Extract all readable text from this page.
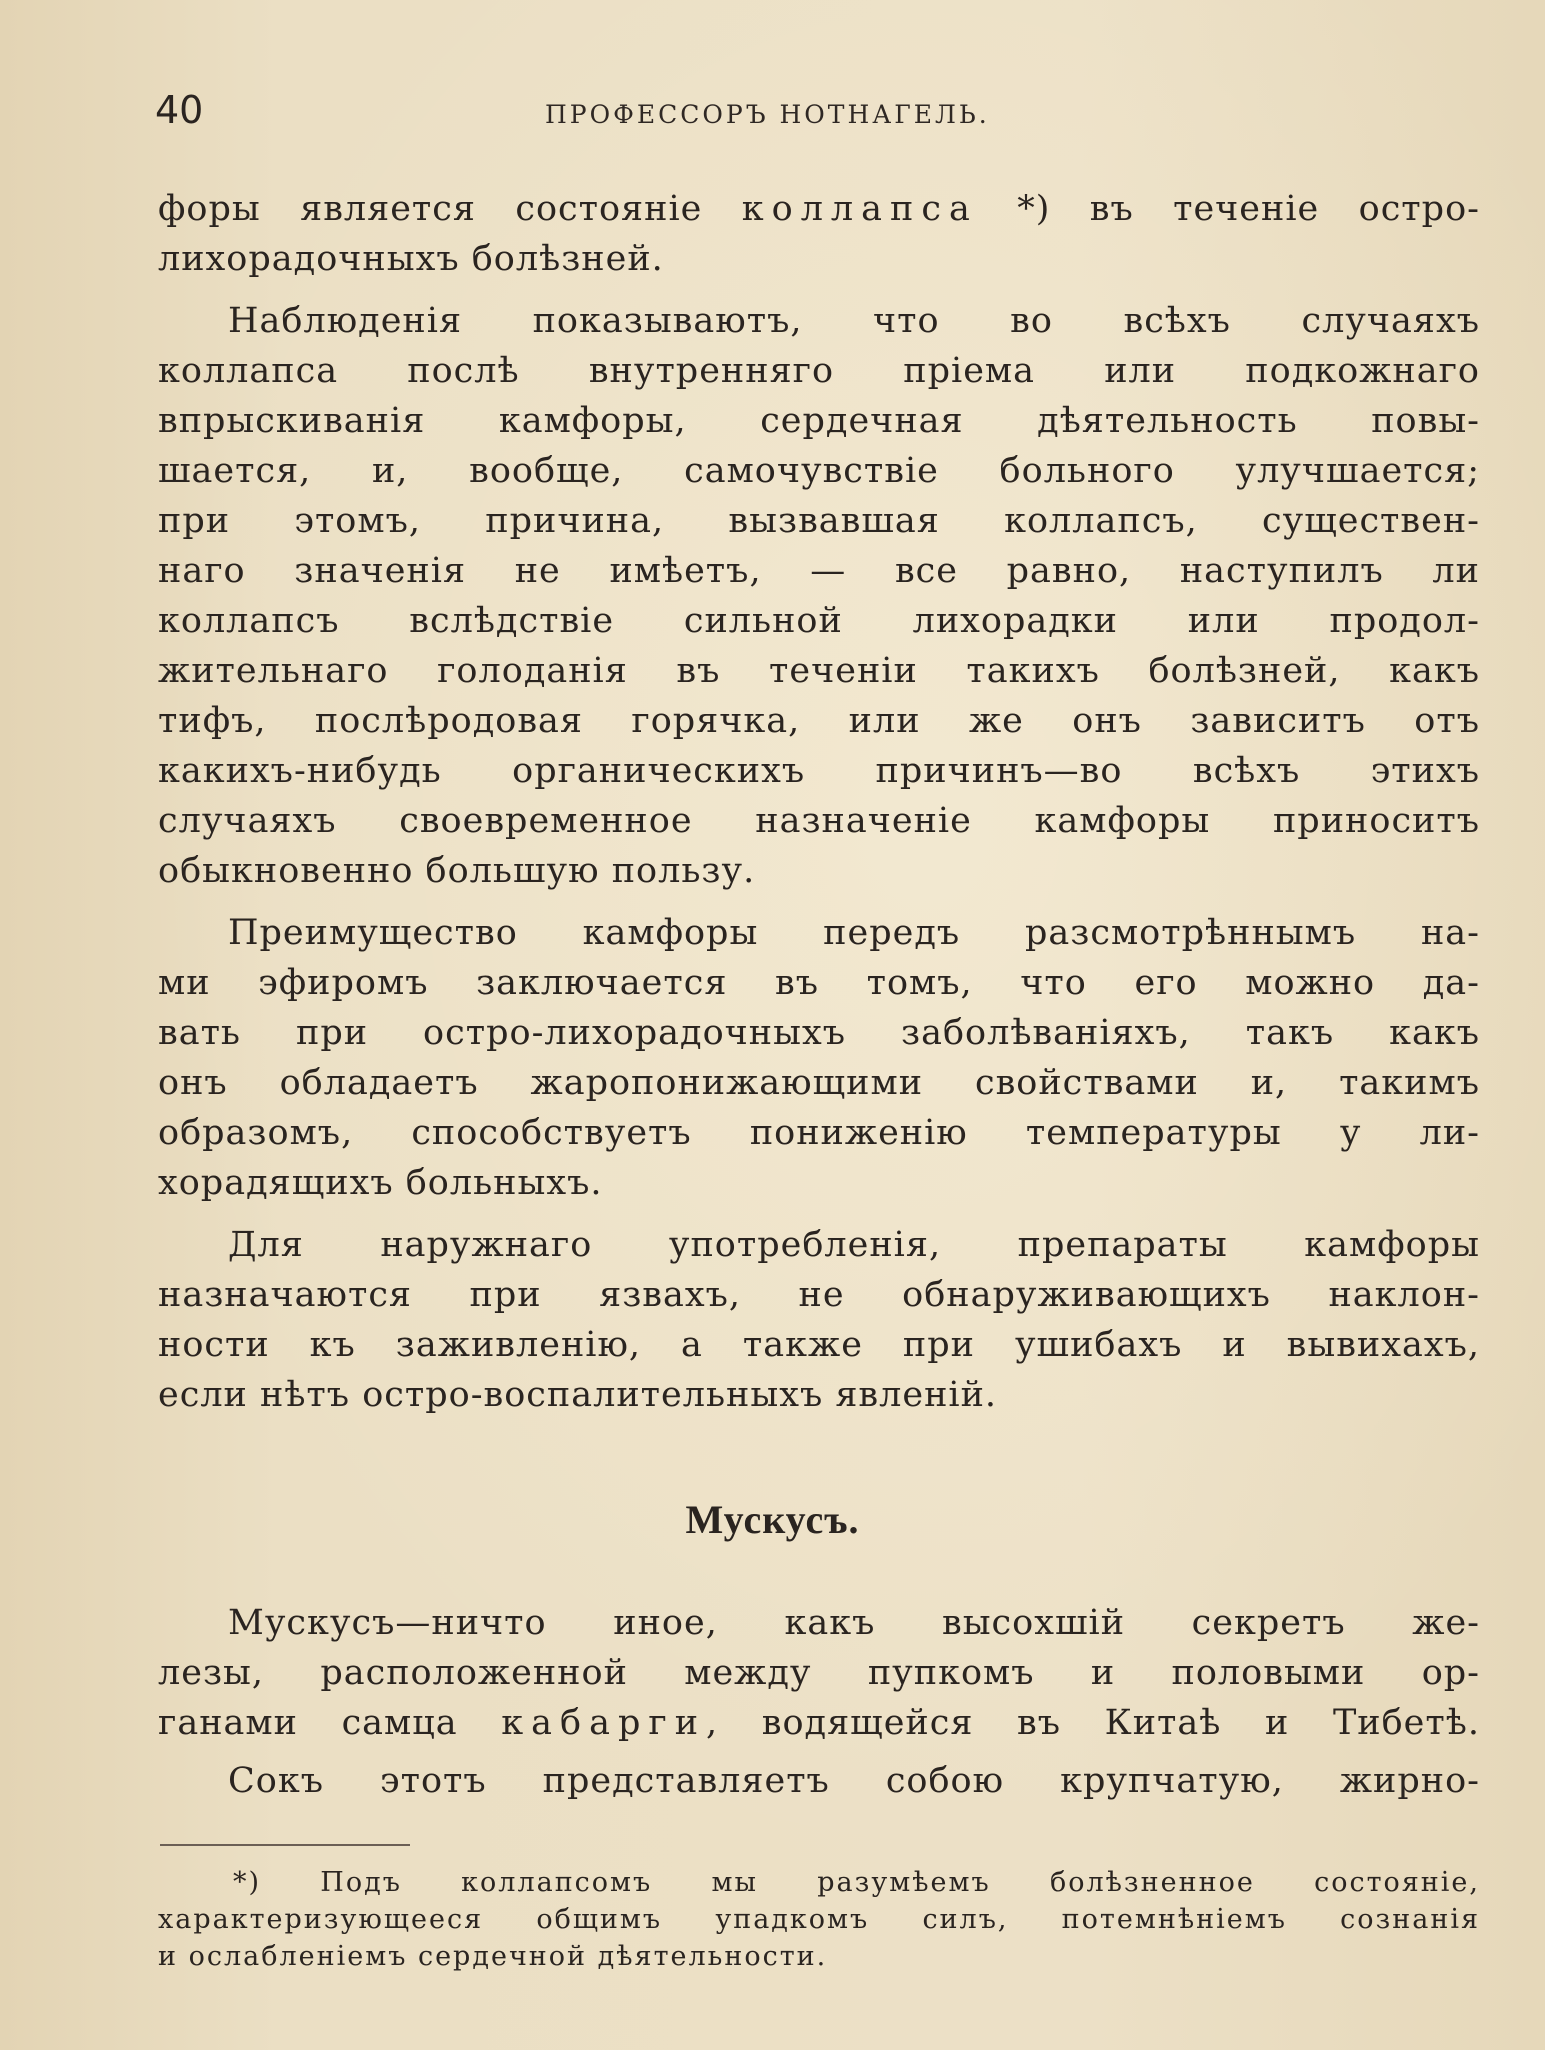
40	ПРОФЕССОРЪ НОТНАГЕЛЬ.
форы является состоянiе коллапса *) въ теченiе остро-
лихорадочныхъ болѣзней.
Наблюденiя показываютъ, что во всѣхъ случаяхъ
коллапса послѣ внутренняго прiема или подкожнаго
впрыскиванiя камфоры, сердечная дѣятельность повы-
шается, и, вообще, самочувствiе больного улучшается;
при этомъ, причина, вызвавшая коллапсъ, существен-
наго значенiя не имѣетъ, — все равно, наступилъ ли
коллапсъ вслѣдствiе сильной лихорадки или продол-
жительнаго голоданiя въ теченiи такихъ болѣзней, какъ
тифъ, послѣродовая горячка, или же онъ зависитъ отъ
какихъ-нибудь органическихъ причинъ—во всѣхъ этихъ
случаяхъ своевременное назначенiе камфоры приноситъ
обыкновенно большую пользу.
Преимущество камфоры передъ разсмотрѣннымъ на-
ми эфиромъ заключается въ томъ, что его можно да-
вать при остро-лихорадочныхъ заболѣванiяхъ, такъ какъ
онъ обладаетъ жаропонижающими свойствами и, такимъ
образомъ, способствуетъ пониженiю температуры у ли-
хорадящихъ больныхъ.
Для наружнаго употребленiя, препараты камфоры
назначаются при язвахъ, не обнаруживающихъ наклон-
ности къ заживленiю, а также при ушибахъ и вывихахъ,
если нѣтъ остро-воспалительныхъ явленiй.
Мускусъ.
Мускусъ—ничто иное, какъ высохшiй секретъ же-
лезы, расположенной между пупкомъ и половыми ор-
ганами самца кабарги, водящейся въ Китаѣ и Тибетѣ.
Сокъ этотъ представляетъ собою крупчатую, жирно-
*) Подъ коллапсомъ мы разумѣемъ болѣзненное состоянiе,
характеризующееся общимъ упадкомъ силъ, потемнѣнiемъ сознанiя
и ослабленiемъ сердечной дѣятельности.
